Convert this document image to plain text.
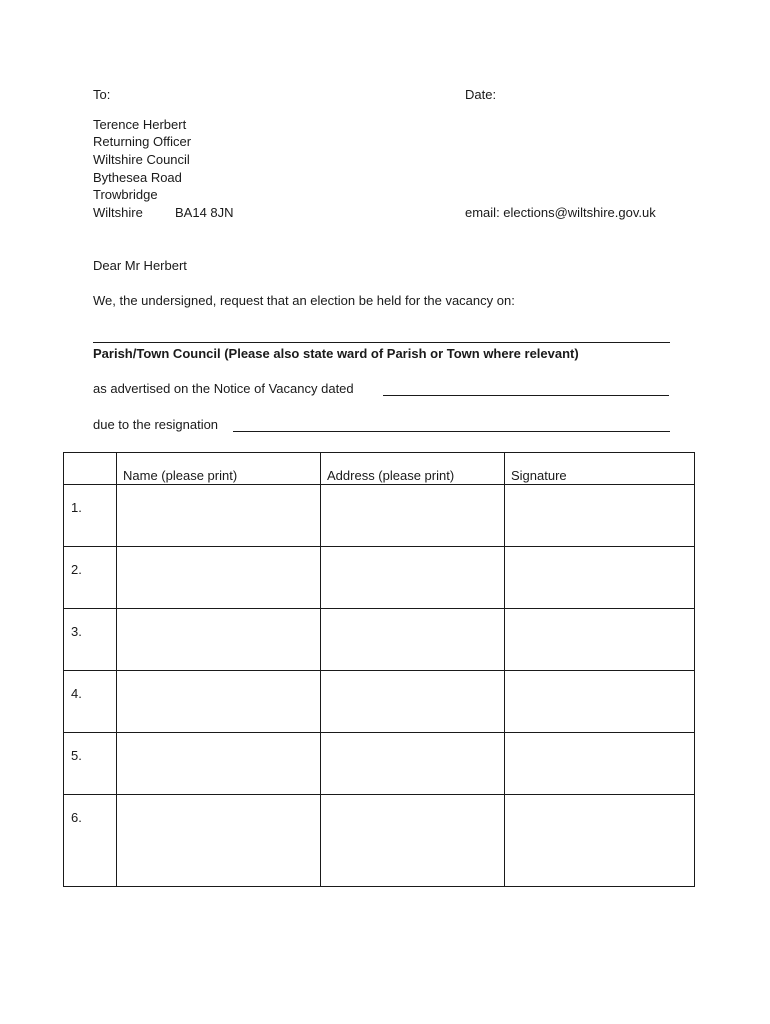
To:	Date:
Terence Herbert
Returning Officer
Wiltshire Council
Bythesea Road
Trowbridge
Wiltshire BA14 8JN	email: elections@wiltshire.gov.uk
Dear Mr Herbert
We, the undersigned, request that an election be held for the vacancy on:
Parish/Town Council (Please also state ward of Parish or Town where relevant)
as advertised on the Notice of Vacancy dated
due to the resignation

	Name (please print)	Address (please print)	Signature

1.			

2.			

3.			

4.			

5.			

6.			
